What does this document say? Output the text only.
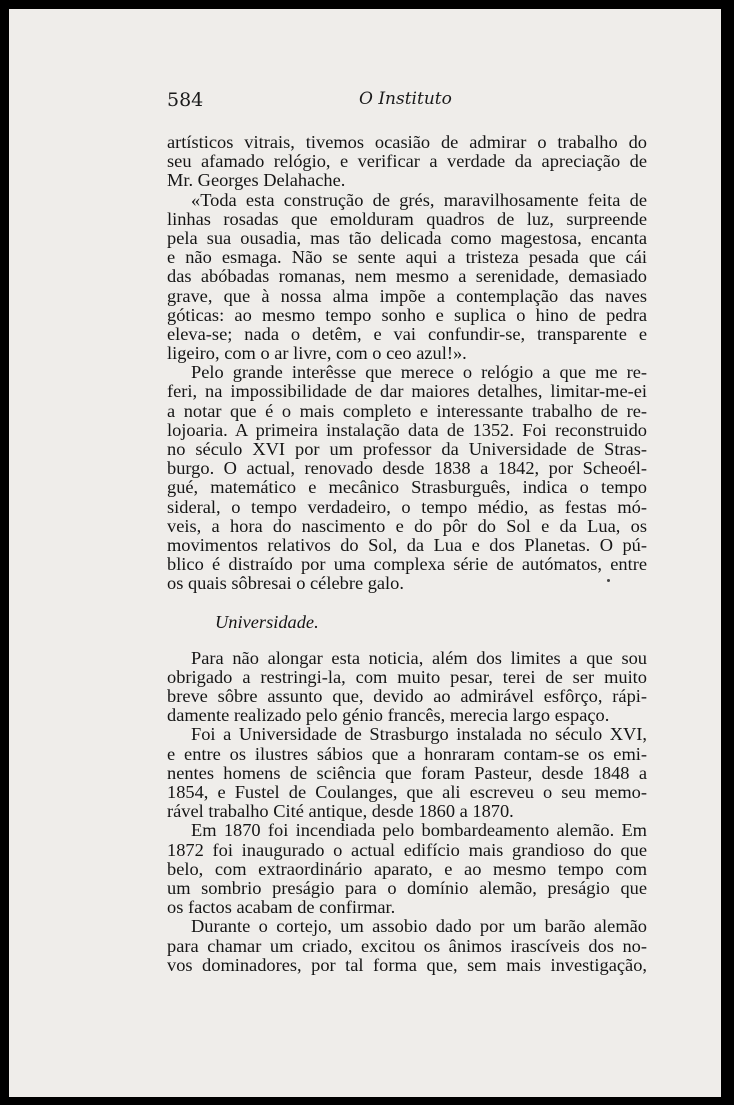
584	O Instituto
artísticos vitrais, tivemos ocasião de admirar o trabalho do
seu afamado relógio, e verificar a verdade da apreciação de
Mr. Georges Delahache.
«Toda esta construção de grés, maravilhosamente feita de
linhas rosadas que emolduram quadros de luz, surpreende
pela sua ousadia, mas tão delicada como magestosa, encanta
e não esmaga. Não se sente aqui a tristeza pesada que cái
das abóbadas romanas, nem mesmo a serenidade, demasiado
grave, que à nossa alma impõe a contemplação das naves
góticas: ao mesmo tempo sonho e suplica o hino de pedra
eleva-se; nada o detêm, e vai confundir-se, transparente e
ligeiro, com o ar livre, com o ceo azul!».
Pelo grande interêsse que merece o relógio a que me re-
feri, na impossibilidade de dar maiores detalhes, limitar-me-ei
a notar que é o mais completo e interessante trabalho de re-
lojoaria. A primeira instalação data de 1352. Foi reconstruido
no século XVI por um professor da Universidade de Stras-
burgo. O actual, renovado desde 1838 a 1842, por Scheoél-
gué, matemático e mecânico Strasburguês, indica o tempo
sideral, o tempo verdadeiro, o tempo médio, as festas mó-
veis, a hora do nascimento e do pôr do Sol e da Lua, os
movimentos relativos do Sol, da Lua e dos Planetas. O pú-
blico é distraído por uma complexa série de autómatos, entre
os quais sôbresai o célebre galo.
Universidade.
Para não alongar esta noticia, além dos limites a que sou
obrigado a restringi-la, com muito pesar, terei de ser muito
breve sôbre assunto que, devido ao admirável esfôrço, rápi-
damente realizado pelo génio francês, merecia largo espaço.
Foi a Universidade de Strasburgo instalada no século XVI,
e entre os ilustres sábios que a honraram contam-se os emi-
nentes homens de sciência que foram Pasteur, desde 1848 a
1854, e Fustel de Coulanges, que ali escreveu o seu memo-
rável trabalho Cité antique, desde 1860 a 1870.
Em 1870 foi incendiada pelo bombardeamento alemão. Em
1872 foi inaugurado o actual edifício mais grandioso do que
belo, com extraordinário aparato, e ao mesmo tempo com
um sombrio preságio para o domínio alemão, preságio que
os factos acabam de confirmar.
Durante o cortejo, um assobio dado por um barão alemão
para chamar um criado, excitou os ânimos irascíveis dos no-
vos dominadores, por tal forma que, sem mais investigação,
